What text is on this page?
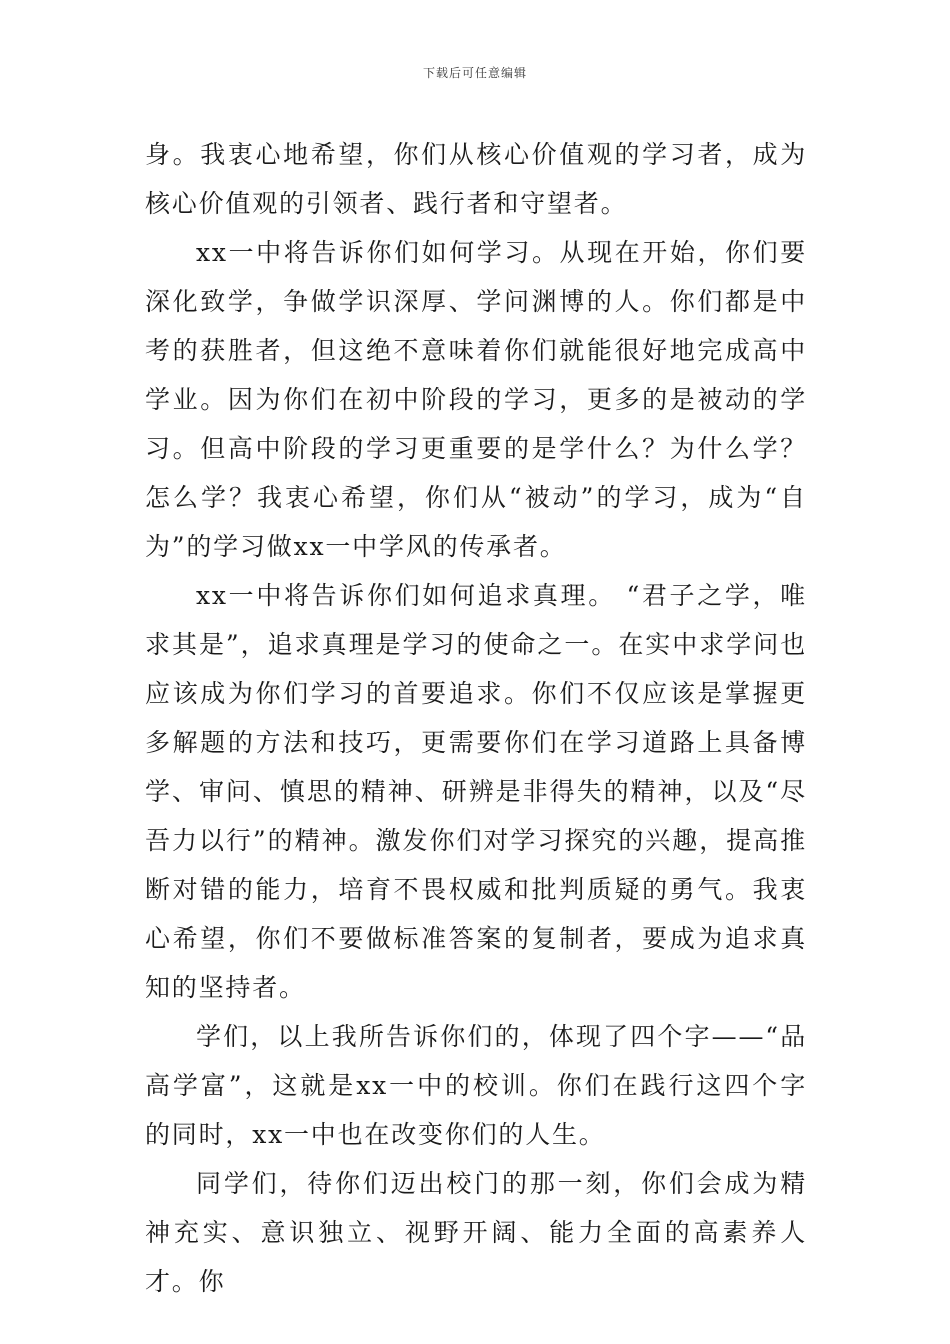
下载后可任意编辑

身。我衷心地希望，你们从核心价值观的学习者，成为核心价值观的引领者、践行者和守望者。

xx一中将告诉你们如何学习。从现在开始，你们要深化致学，争做学识深厚、学问渊博的人。你们都是中考的获胜者，但这绝不意味着你们就能很好地完成高中学业。因为你们在初中阶段的学习，更多的是被动的学习。但高中阶段的学习更重要的是学什么？为什么学？怎么学？我衷心希望，你们从“被动”的学习，成为“自为”的学习做xx一中学风的传承者。

xx一中将告诉你们如何追求真理。 “君子之学，唯求其是”，追求真理是学习的使命之一。在实中求学问也应该成为你们学习的首要追求。你们不仅应该是掌握更多解题的方法和技巧，更需要你们在学习道路上具备博学、审问、慎思的精神、研辨是非得失的精神，以及“尽吾力以行”的精神。激发你们对学习探究的兴趣，提高推断对错的能力，培育不畏权威和批判质疑的勇气。我衷心希望，你们不要做标准答案的复制者，要成为追求真知的坚持者。

学们，以上我所告诉你们的，体现了四个字——“品高学富”，这就是xx一中的校训。你们在践行这四个字的同时，xx一中也在改变你们的人生。

同学们，待你们迈出校门的那一刻，你们会成为精神充实、意识独立、视野开阔、能力全面的高素养人才。你
